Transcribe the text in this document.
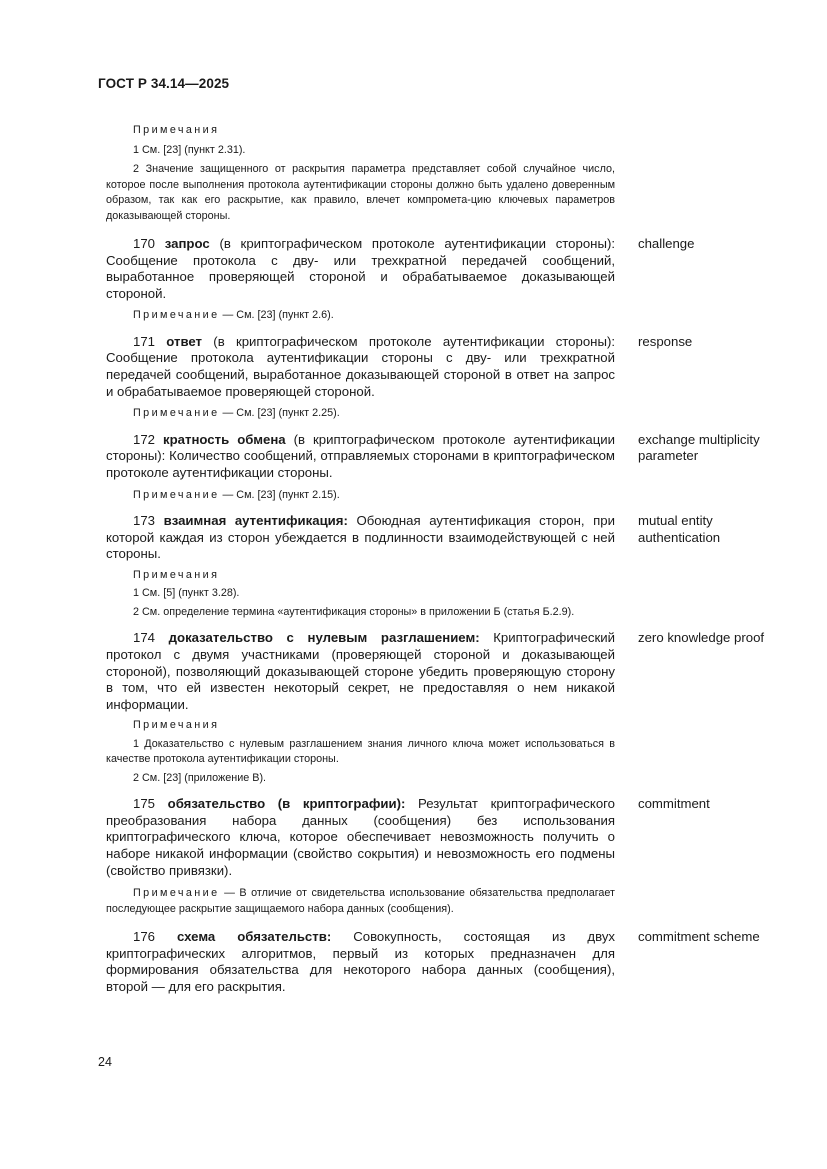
ГОСТ Р 34.14—2025
Примечания
1 См. [23] (пункт 2.31).
2 Значение защищенного от раскрытия параметра представляет собой случайное число, которое после выполнения протокола аутентификации стороны должно быть удалено доверенным образом, так как его раскрытие, как правило, влечет компромета-цию ключевых параметров доказывающей стороны.
170 запрос (в криптографическом протоколе аутентификации стороны): Сообщение протокола с дву- или трехкратной передачей сообщений, выработанное проверяющей стороной и обрабатываемое доказывающей стороной.
challenge
Примечание — См. [23] (пункт 2.6).
171 ответ (в криптографическом протоколе аутентификации стороны): Сообщение протокола аутентификации стороны с дву- или трехкратной передачей сообщений, выработанное доказывающей стороной в ответ на запрос и обрабатываемое проверяющей стороной.
response
Примечание — См. [23] (пункт 2.25).
172 кратность обмена (в криптографическом протоколе аутентификации стороны): Количество сообщений, отправляемых сторонами в криптографическом протоколе аутентификации стороны.
exchange multiplicity parameter
Примечание — См. [23] (пункт 2.15).
173 взаимная аутентификация: Обоюдная аутентификация сторон, при которой каждая из сторон убеждается в подлинности взаимодействующей с ней стороны.
mutual entity authentication
Примечания
1 См. [5] (пункт 3.28).
2 См. определение термина «аутентификация стороны» в приложении Б (статья Б.2.9).
174 доказательство с нулевым разглашением: Криптографический протокол с двумя участниками (проверяющей стороной и доказывающей стороной), позволяющий доказывающей стороне убедить проверяющую сторону в том, что ей известен некоторый секрет, не предоставляя о нем никакой информации.
zero knowledge proof
Примечания
1 Доказательство с нулевым разглашением знания личного ключа может использоваться в качестве протокола аутентификации стороны.
2 См. [23] (приложение В).
175 обязательство (в криптографии): Результат криптографического преобразования набора данных (сообщения) без использования криптографического ключа, которое обеспечивает невозможность получить о наборе никакой информации (свойство сокрытия) и невозможность его подмены (свойство привязки).
commitment
Примечание — В отличие от свидетельства использование обязательства предполагает последующее раскрытие защищаемого набора данных (сообщения).
176 схема обязательств: Совокупность, состоящая из двух криптографических алгоритмов, первый из которых предназначен для формирования обязательства для некоторого набора данных (сообщения), второй — для его раскрытия.
commitment scheme
24
